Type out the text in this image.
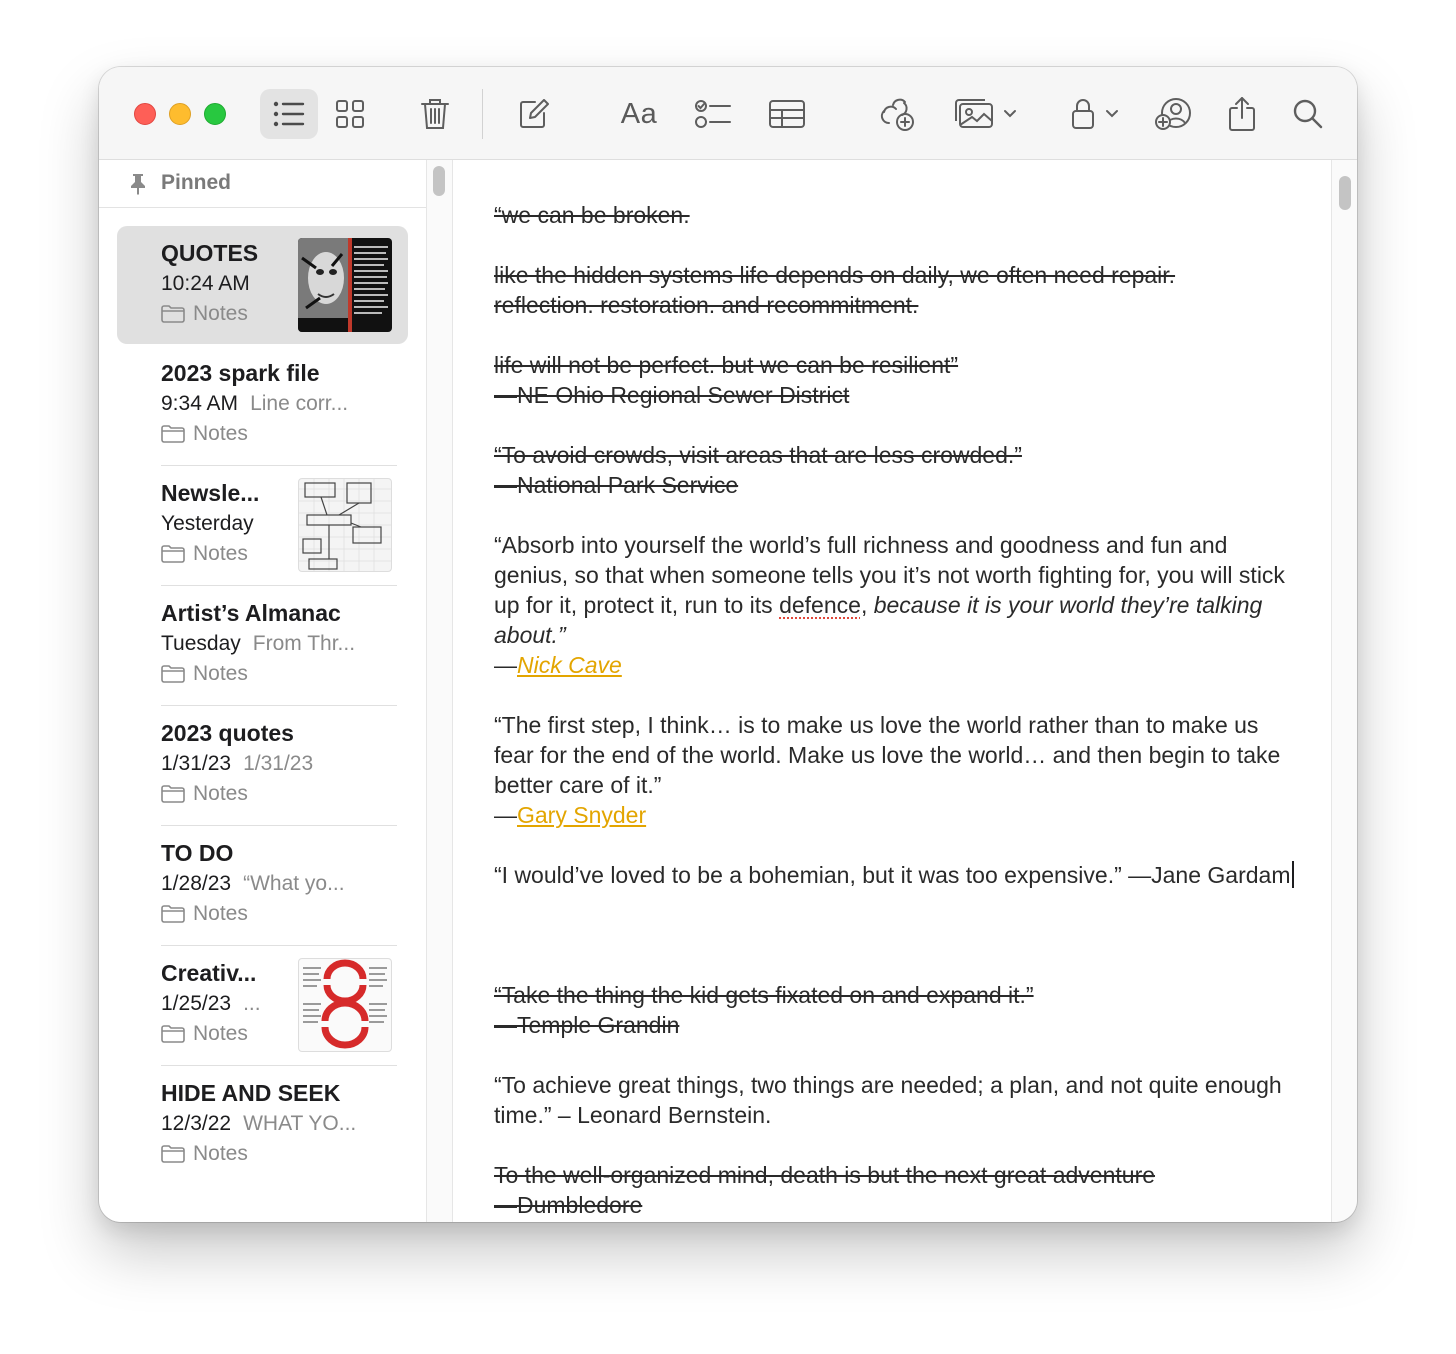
Aa
Pinned
QUOTES
10:24 AM
Notes
2023 spark file
9:34 AM Line corr...
Notes
Newsle...
Yesterday
Notes
Artist’s Almanac
Tuesday From Thr...
Notes
2023 quotes
1/31/23 1/31/23
Notes
TO DO
1/28/23 “What yo...
Notes
Creativ...
1/25/23 ...
Notes
HIDE AND SEEK
12/3/22 WHAT YO...
Notes
“we can be broken.
like the hidden systems life depends on daily, we often need repair.
reflection. restoration. and recommitment.
life will not be perfect. but we can be resilient”
—NE Ohio Regional Sewer District
“To avoid crowds, visit areas that are less crowded.”
—National Park Service
“Absorb into yourself the world’s full richness and goodness and fun and genius, so that when someone tells you it’s not worth fighting for, you will stick up for it, protect it, run to its defence, because it is your world they’re talking about.”
—Nick Cave
“The first step, I think… is to make us love the world rather than to make us fear for the end of the world. Make us love the world… and then begin to take better care of it.”
—Gary Snyder
“I would’ve loved to be a bohemian, but it was too expensive.” —Jane Gardam
“Take the thing the kid gets fixated on and expand it.”
—Temple Grandin
“To achieve great things, two things are needed; a plan, and not quite enough time.” – Leonard Bernstein.
To the well-organized mind, death is but the next great adventure
—Dumbledore
